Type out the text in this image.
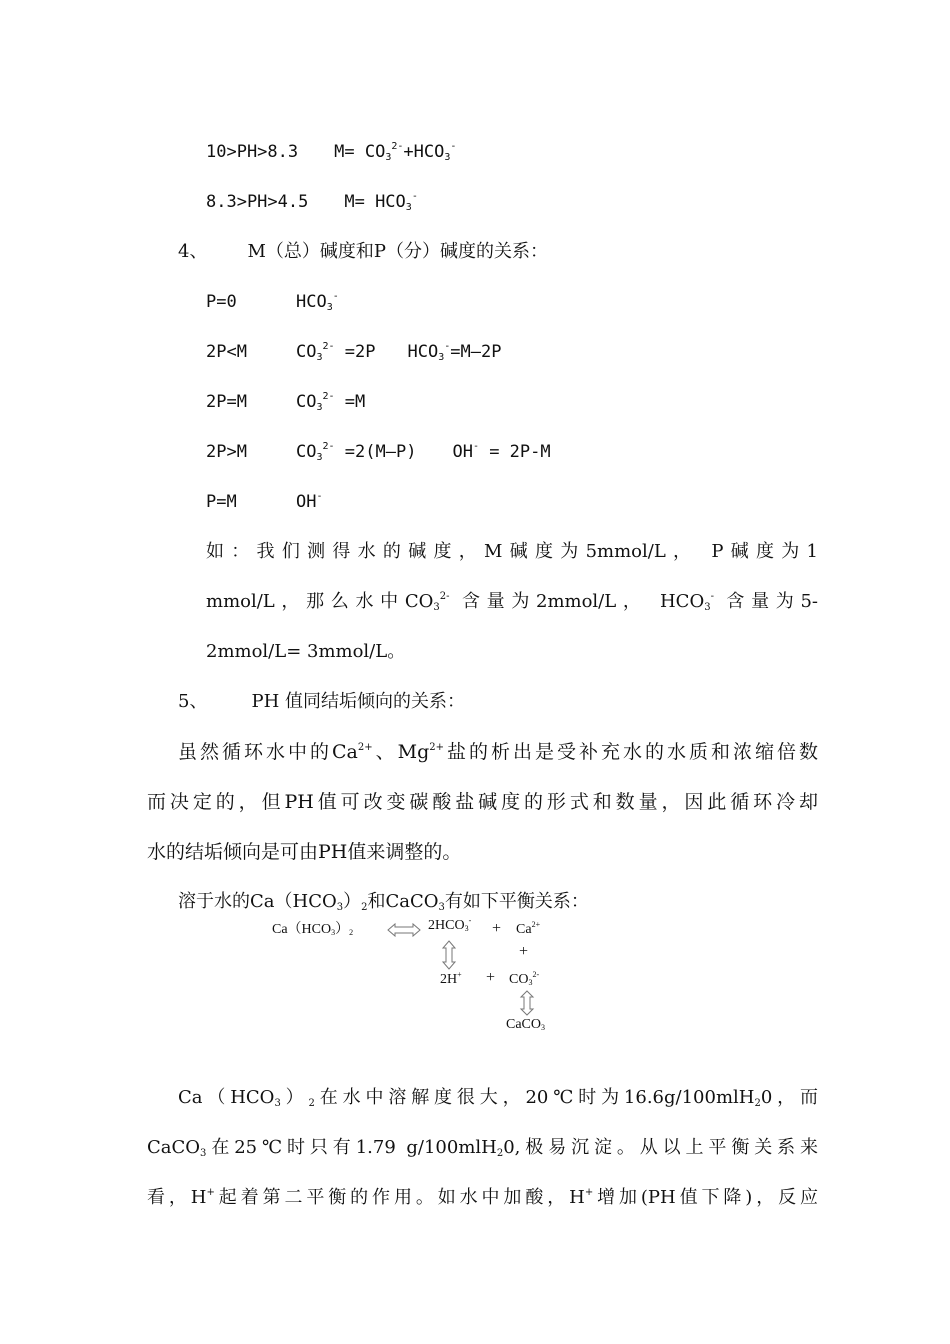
10>PH>8.3 $M= CO_3^{2-}+HCO_3^-$
8.3>PH>4.5 $M= HCO_3^-$
4、 M（总）碱度和P（分）碱度的关系：
P=0	$HCO_3^-$
2P<M	$CO_3^{2-} =2P$ $HCO_3^-=M—2P$
2P=M	$CO_3^{2-} =M$
2P>M	$CO_3^{2-}$ =2(M—P) OH- = 2P-M
P=M	OH-
如：我们测得水的碱度，M碱度为5mmol/L， P碱度为1
mmol/L，那么水中$CO_3^{2-}$ 含量为2mmol/L， $HCO_3^-$ 含量为5-
2mmol/L= 3mmol/L。
5、 PH 值同结垢倾向的关系：
虽然循环水中的$Ca^{2+}$、$Mg^{2+}$盐的析出是受补充水的水质和浓缩倍数
而决定的，但PH值可改变碳酸盐碱度的形式和数量，因此循环冷却
水的结垢倾向是可由PH值来调整的。
溶于水的$Ca(HCO_3)_2$和CaCO$_3$有如下平衡关系：
$Ca(HCO_3)_2$	$2HCO_3^- + Ca^{2+}$
+
$2H^+ + CO_3^{2-}$
CaCO$_3$
$Ca(HCO_3)_2$在水中溶解度很大，20℃时为16.6g/100mlH$_2$0，而
CaCO$_3$在25℃时只有1.79 g/100mlH$_2$0,极易沉淀。从以上平衡关系来
看，H+起着第二平衡的作用。如水中加酸，H+增加(PH值下降)，反应
